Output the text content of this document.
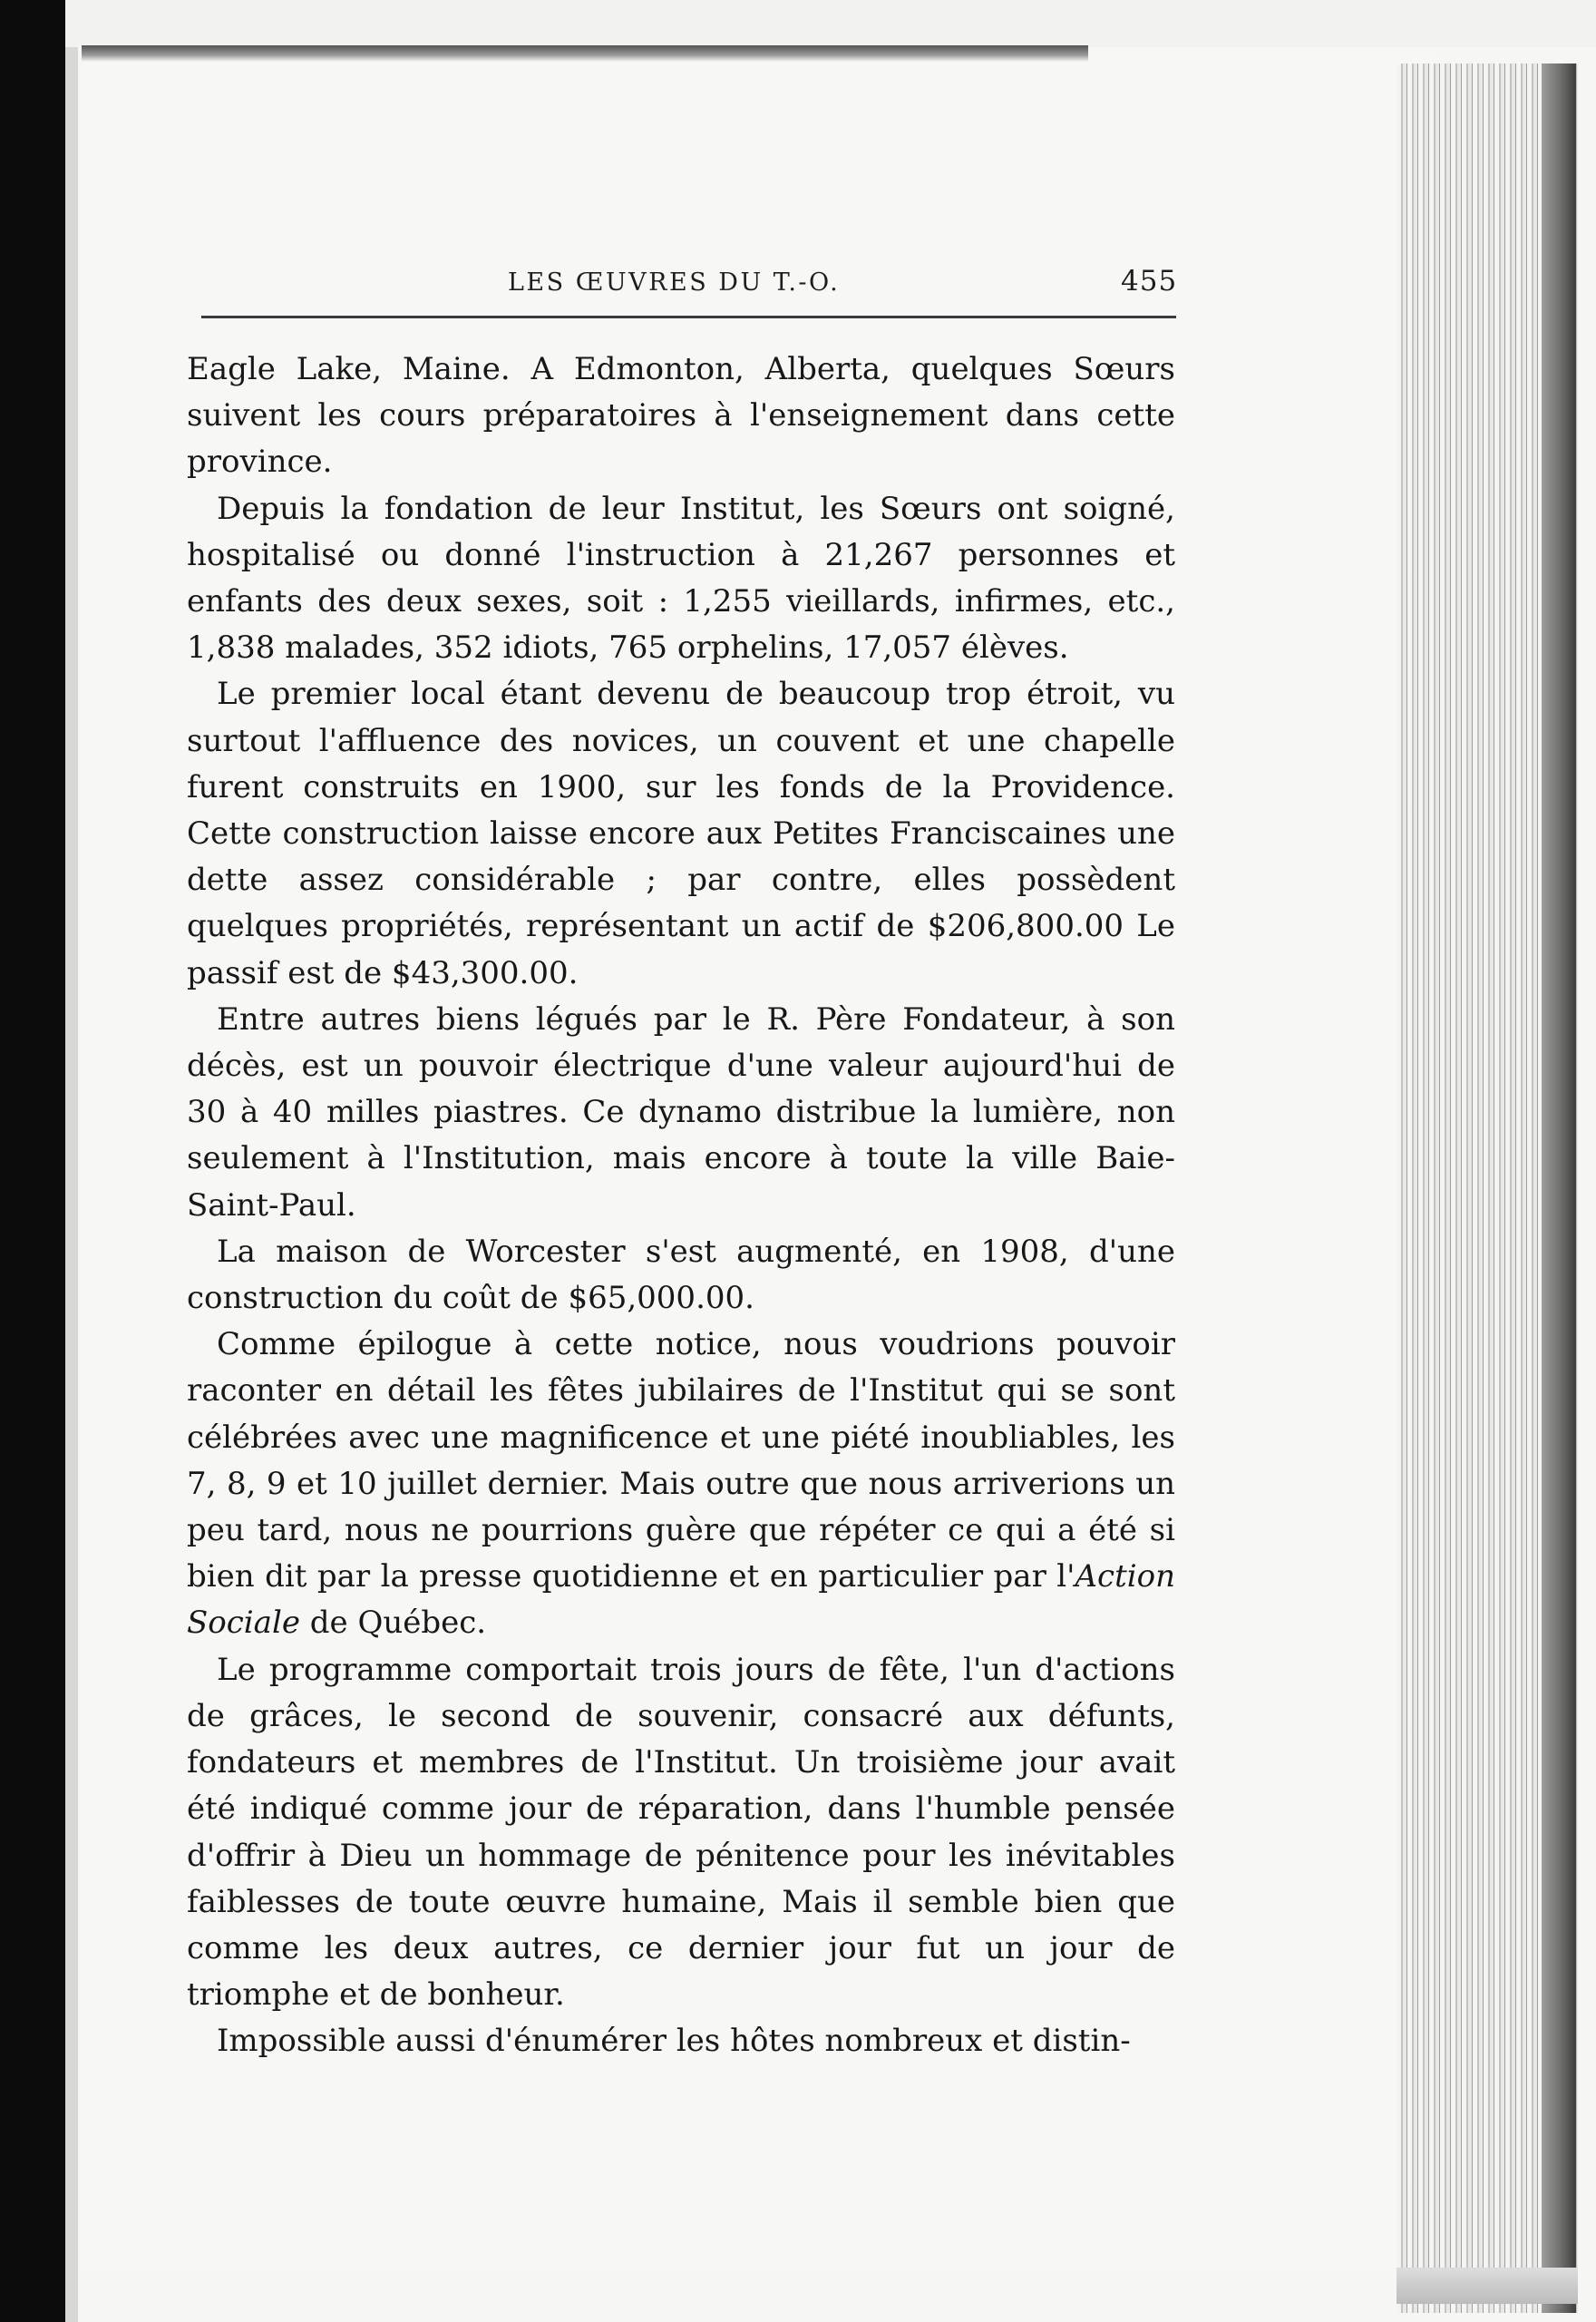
LES ŒUVRES DU T.-O.	455

Eagle Lake, Maine. A Edmonton, Alberta, quelques Sœurs suivent les cours préparatoires à l'enseignement dans cette province.

Depuis la fondation de leur Institut, les Sœurs ont soigné, hospitalisé ou donné l'instruction à 21,267 personnes et enfants des deux sexes, soit : 1,255 vieillards, infirmes, etc., 1,838 malades, 352 idiots, 765 orphelins, 17,057 élèves.

Le premier local étant devenu de beaucoup trop étroit, vu surtout l'affluence des novices, un couvent et une chapelle furent construits en 1900, sur les fonds de la Providence. Cette construction laisse encore aux Petites Franciscaines une dette assez considérable ; par contre, elles possèdent quelques propriétés, représentant un actif de $206,800.00 Le passif est de $43,300.00.

Entre autres biens légués par le R. Père Fondateur, à son décès, est un pouvoir électrique d'une valeur aujourd'hui de 30 à 40 milles piastres. Ce dynamo distribue la lumière, non seulement à l'Institution, mais encore à toute la ville Baie-Saint-Paul.

La maison de Worcester s'est augmenté, en 1908, d'une construction du coût de $65,000.00.

Comme épilogue à cette notice, nous voudrions pouvoir raconter en détail les fêtes jubilaires de l'Institut qui se sont célébrées avec une magnificence et une piété inoubliables, les 7, 8, 9 et 10 juillet dernier. Mais outre que nous arriverions un peu tard, nous ne pourrions guère que répéter ce qui a été si bien dit par la presse quotidienne et en particulier par l'Action Sociale de Québec.

Le programme comportait trois jours de fête, l'un d'actions de grâces, le second de souvenir, consacré aux défunts, fondateurs et membres de l'Institut. Un troisième jour avait été indiqué comme jour de réparation, dans l'humble pensée d'offrir à Dieu un hommage de pénitence pour les inévitables faiblesses de toute œuvre humaine, Mais il semble bien que comme les deux autres, ce dernier jour fut un jour de triomphe et de bonheur.

Impossible aussi d'énumérer les hôtes nombreux et distin-
